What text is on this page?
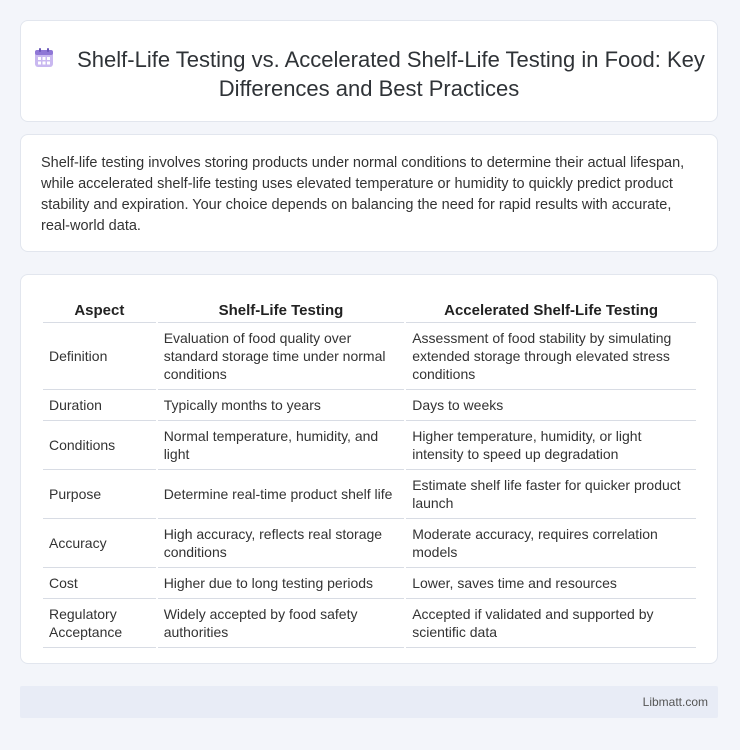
Shelf-Life Testing vs. Accelerated Shelf-Life Testing in Food: Key Differences and Best Practices
Shelf-life testing involves storing products under normal conditions to determine their actual lifespan, while accelerated shelf-life testing uses elevated temperature or humidity to quickly predict product stability and expiration. Your choice depends on balancing the need for rapid results with accurate, real-world data.
Aspect	Shelf-Life Testing	Accelerated Shelf-Life Testing
Definition	Evaluation of food quality over standard storage time under normal conditions	Assessment of food stability by simulating extended storage through elevated stress conditions
Duration	Typically months to years	Days to weeks
Conditions	Normal temperature, humidity, and light	Higher temperature, humidity, or light intensity to speed up degradation
Purpose	Determine real-time product shelf life	Estimate shelf life faster for quicker product launch
Accuracy	High accuracy, reflects real storage conditions	Moderate accuracy, requires correlation models
Cost	Higher due to long testing periods	Lower, saves time and resources
Regulatory Acceptance	Widely accepted by food safety authorities	Accepted if validated and supported by scientific data
Libmatt.com
